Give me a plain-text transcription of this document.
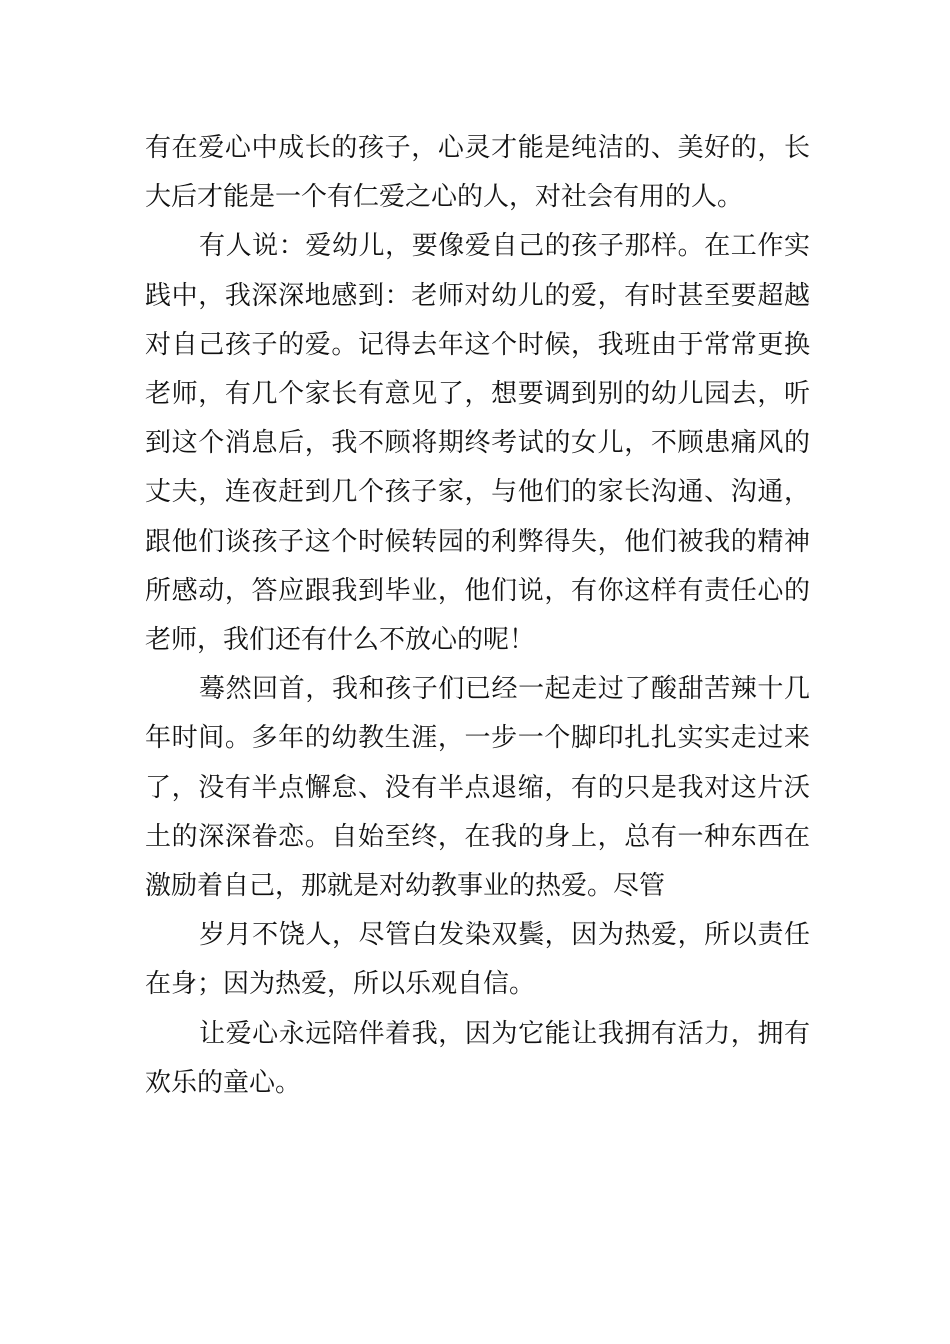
有在爱心中成长的孩子，心灵才能是纯洁的、美好的，长大后才能是一个有仁爱之心的人，对社会有用的人。

有人说：爱幼儿，要像爱自己的孩子那样。在工作实践中，我深深地感到：老师对幼儿的爱，有时甚至要超越对自己孩子的爱。记得去年这个时候，我班由于常常更换老师，有几个家长有意见了，想要调到别的幼儿园去，听到这个消息后，我不顾将期终考试的女儿，不顾患痛风的丈夫，连夜赶到几个孩子家，与他们的家长沟通、沟通，跟他们谈孩子这个时候转园的利弊得失，他们被我的精神所感动，答应跟我到毕业，他们说，有你这样有责任心的老师，我们还有什么不放心的呢！

蓦然回首，我和孩子们已经一起走过了酸甜苦辣十几年时间。多年的幼教生涯，一步一个脚印扎扎实实走过来了，没有半点懈怠、没有半点退缩，有的只是我对这片沃土的深深眷恋。自始至终，在我的身上，总有一种东西在激励着自己，那就是对幼教事业的热爱。尽管

岁月不饶人，尽管白发染双鬓，因为热爱，所以责任在身；因为热爱，所以乐观自信。

让爱心永远陪伴着我，因为它能让我拥有活力，拥有欢乐的童心。
